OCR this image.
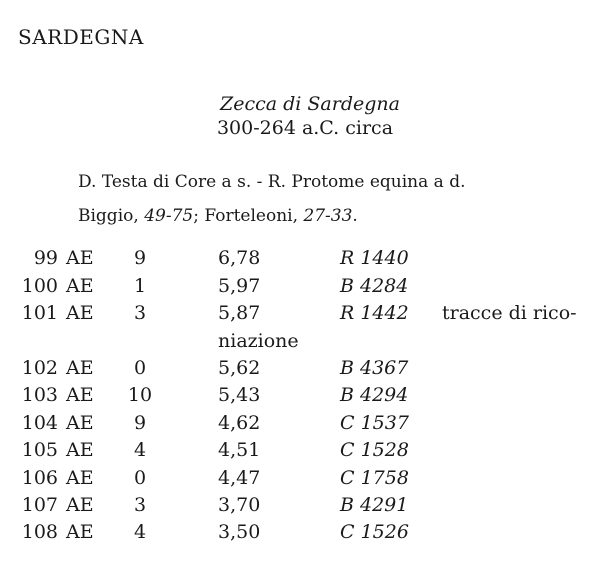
SARDEGNA
Zecca di Sardegna
300-264 a.C. circa
D. Testa di Core a s. - R. Protome equina a d.
Biggio, 49-75; Forteleoni, 27-33.
99 AE	9	6,78	R 1440
100 AE	1	5,97	B 4284
101 AE	3	5,87	R 1442 tracce di rico-
niazione
102 AE	0	5,62	B 4367
103 AE	10	5,43	B 4294
104 AE	9	4,62	C 1537
105 AE	4	4,51	C 1528
106 AE	0	4,47	C 1758
107 AE	3	3,70	B 4291
108 AE	4	3,50	C 1526
